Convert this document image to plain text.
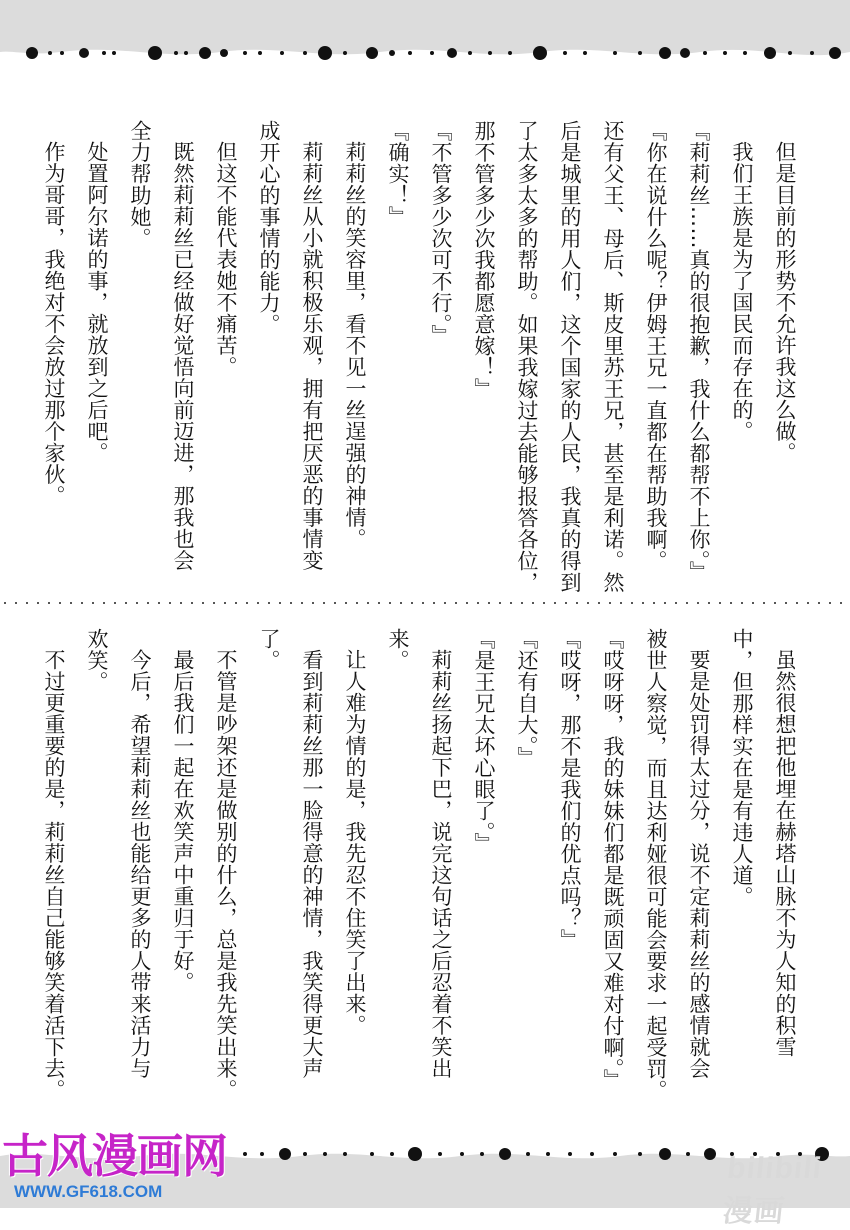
但是目前的形势不允许我这么做。
我们王族是为了国民而存在的。
『莉莉丝……真的很抱歉，我什么都帮不上你。』
『你在说什么呢？伊姆王兄一直都在帮助我啊。
还有父王、母后、斯皮里苏王兄，甚至是利诺。然
后是城里的用人们，这个国家的人民，我真的得到
了太多太多的帮助。如果我嫁过去能够报答各位，
那不管多少次我都愿意嫁！』
『不管多少次可不行。』
『确实！』
莉莉丝的笑容里，看不见一丝逞强的神情。
莉莉丝从小就积极乐观，拥有把厌恶的事情变
成开心的事情的能力。
但这不能代表她不痛苦。
既然莉莉丝已经做好觉悟向前迈进，那我也会
全力帮助她。
处置阿尔诺的事，就放到之后吧。
作为哥哥，我绝对不会放过那个家伙。
虽然很想把他埋在赫塔山脉不为人知的积雪
中，但那样实在是有违人道。
要是处罚得太过分，说不定莉莉丝的感情就会
被世人察觉，而且达利娅很可能会要求一起受罚。
『哎呀呀，我的妹妹们都是既顽固又难对付啊。』
『哎呀，那不是我们的优点吗？』
『还有自大。』
『是王兄太坏心眼了。』
莉莉丝扬起下巴，说完这句话之后忍着不笑出
来。
让人难为情的是，我先忍不住笑了出来。
看到莉莉丝那一脸得意的神情，我笑得更大声
了。
不管是吵架还是做别的什么，总是我先笑出来。
最后我们一起在欢笑声中重归于好。
今后，希望莉莉丝也能给更多的人带来活力与
欢笑。
不过更重要的是，莉莉丝自己能够笑着活下去。
古风漫画网
WWW.GF618.COM
bilibili漫画
